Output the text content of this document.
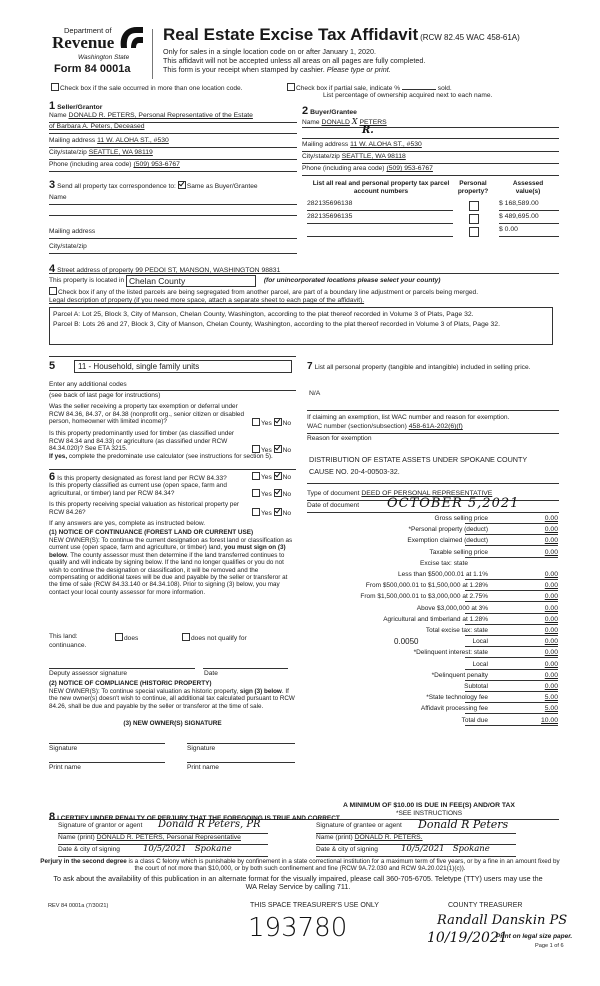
Department of
Revenue
Washington State
Form 84 0001a
Real Estate Excise Tax Affidavit (RCW 82.45 WAC 458-61A)
Only for sales in a single location code on or after January 1, 2020.
This affidavit will not be accepted unless all areas on all pages are fully completed.
This form is your receipt when stamped by cashier. Please type or print.
Check box if the sale occurred in more than one location code.	Check box if partial sale, indicate %	sold.
List percentage of ownership acquired next to each name.
1 Seller/Grantor
Name DONALD R. PETERS, Personal Representative of the Estate
of Barbara A. Peters, Deceased
Mailing address 11 W. ALOHA ST., #530
City/state/zip SEATTLE, WA 98119
Phone (including area code) (509) 953-6767
3 Send all property tax correspondence to: Same as Buyer/Grantee
Name
Mailing address
City/state/zip
2 Buyer/Grantee
Name DONALD X PETERS
R.
Mailing address 11 W. ALOHA ST., #530
City/state/zip SEATTLE, WA 98118
Phone (including area code) (509) 953-6767
List all real and personal property tax parcel account numbers
Personal property?
Assessed value(s)
282135696138	$ 168,589.00
282135696135	$ 489,695.00
$ 0.00
4 Street address of property 99 PEDOI ST, MANSON, WASHINGTON 98831
This property is located in Chelan County	(for unincorporated locations please select your county)
Check box if any of the listed parcels are being segregated from another parcel, are part of a boundary line adjustment or parcels being merged.
Legal description of property (if you need more space, attach a separate sheet to each page of the affidavit).

Parcel A: Lot 25, Block 3, City of Manson, Chelan County, Washington, according to the plat thereof recorded in Volume 3 of Plats, Page 32.

Parcel B: Lots 26 and 27, Block 3, City of Manson, Chelan County, Washington, according to the plat thereof recorded in Volume 3 of Plats, Page 32.

5	11 - Household, single family units
Enter any additional codes
(see back of last page for instructions)
Was the seller receiving a property tax exemption or deferral under RCW 84.36, 84.37, or 84.38 (nonprofit org., senior citizen or disabled person, homeowner with limited income)?	Yes No
Is this property predominantly used for timber (as classified under RCW 84.34 and 84.33) or agriculture (as classified under RCW 84.34.020)? See ETA 3215.	Yes No
If yes, complete the predominate use calculator (see instructions for section 5).
6 Is this property designated as forest land per RCW 84.33?	Yes No
Is this property classified as current use (open space, farm and agricultural, or timber) land per RCW 84.34?	Yes No
Is this property receiving special valuation as historical property per RCW 84.26?	Yes No
If any answers are yes, complete as instructed below.
(1) NOTICE OF CONTINUANCE (FOREST LAND OR CURRENT USE)
NEW OWNER(S): To continue the current designation as forest land or classification as current use (open space, farm and agriculture, or timber) land, you must sign on (3) below. The county assessor must then determine if the land transferred continues to qualify and will indicate by signing below. If the land no longer qualifies or you do not wish to continue the designation or classification, it will be removed and the compensating or additional taxes will be due and payable by the seller or transferor at the time of sale (RCW 84.33.140 or 84.34.108). Prior to signing (3) below, you may contact your local county assessor for more information.
This land:	does	does not qualify for
continuance.
Deputy assessor signature	Date
(2) NOTICE OF COMPLIANCE (HISTORIC PROPERTY)
NEW OWNER(S): To continue special valuation as historic property, sign (3) below. If the new owner(s) doesn't wish to continue, all additional tax calculated pursuant to RCW 84.26, shall be due and payable by the seller or transferor at the time of sale.
(3) NEW OWNER(S) SIGNATURE
Signature	Signature
Print name	Print name
7 List all personal property (tangible and intangible) included in selling price.
N/A
If claiming an exemption, list WAC number and reason for exemption.
WAC number (section/subsection) 458-61A-202(6)(f)
Reason for exemption
DISTRIBUTION OF ESTATE ASSETS UNDER SPOKANE COUNTY CAUSE NO. 20-4-00503-32.
Type of document DEED OF PERSONAL REPRESENTATIVE
Date of document OCTOBER 5,2021
Gross selling price	0.00
*Personal property (deduct)	0.00
Exemption claimed (deduct)	0.00
Taxable selling price	0.00
Excise tax: state
Less than $500,000.01 at 1.1%	0.00
From $500,000.01 to $1,500,000 at 1.28%	0.00
From $1,500,000.01 to $3,000,000 at 2.75%	0.00
Above $3,000,000 at 3%	0.00
Agricultural and timberland at 1.28%	0.00
Total excise tax: state	0.00
0.0050	Local	0.00
*Delinquent interest: state	0.00
Local	0.00
*Delinquent penalty	0.00
Subtotal	0.00
*State technology fee	5.00
Affidavit processing fee	5.00
Total due	10.00
A MINIMUM OF $10.00 IS DUE IN FEE(S) AND/OR TAX
*SEE INSTRUCTIONS
8 I CERTIFY UNDER PENALTY OF PERJURY THAT THE FOREGOING IS TRUE AND CORRECT
Signature of grantor or agent Donald R Peters, PR
Name (print) DONALD R. PETERS, Personal Representative
Date & city of signing	10/5/2021   Spokane
Signature of grantee or agent Donald R Peters
Name (print) DONALD R. PETERS.
Date & city of signing	10/5/2021   Spokane
Perjury in the second degree is a class C felony which is punishable by confinement in a state correctional institution for a maximum term of five years, or by a fine in an amount fixed by the court of not more than $10,000, or by both such confinement and fine (RCW 9A.72.030 and RCW 9A.20.021(1)(c)).
To ask about the availability of this publication in an alternate format for the visually impaired, please call 360-705-6705. Teletype (TTY) users may use the WA Relay Service by calling 711.
REV 84 0001a (7/30/21)	THIS SPACE TREASURER'S USE ONLY	COUNTY TREASURER
193780	Randall Danskin PS
10/19/2021
Print on legal size paper.
Page 1 of 6
